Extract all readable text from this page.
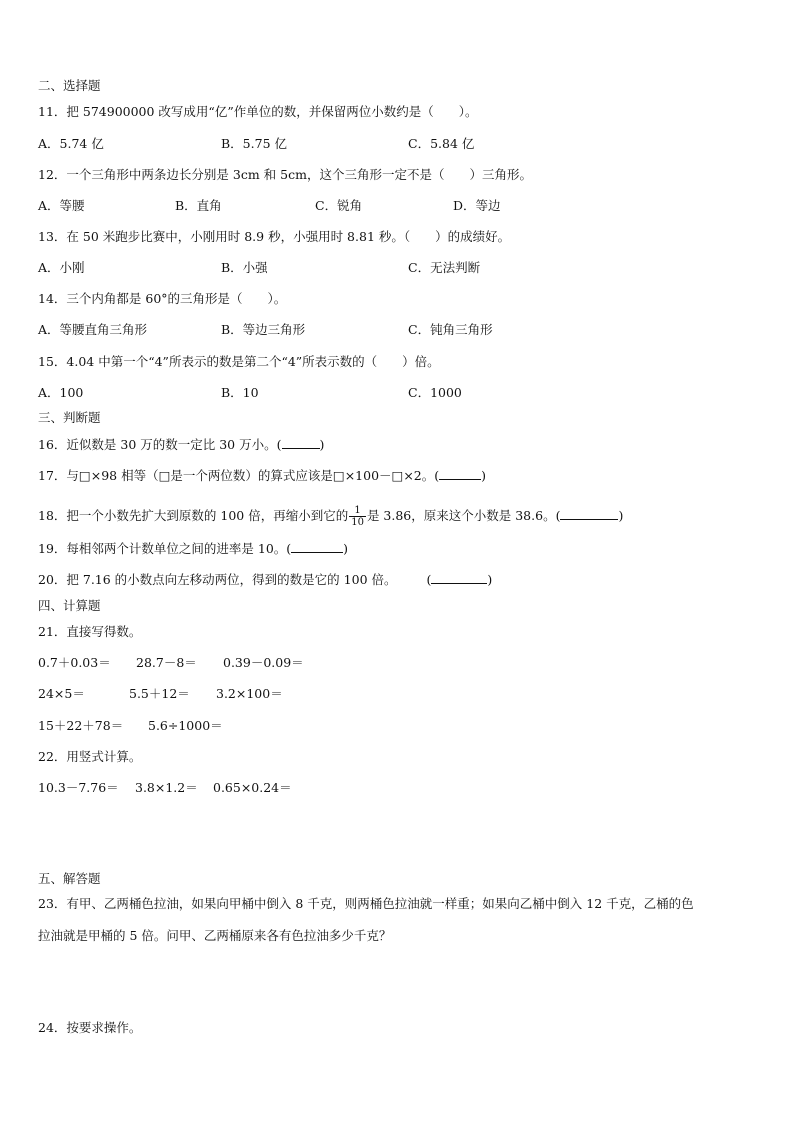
二、选择题
11．把 574900000 改写成用“亿”作单位的数，并保留两位小数约是（　　）。
A．5.74 亿	B．5.75 亿	C．5.84 亿
12．一个三角形中两条边长分别是 3cm 和 5cm，这个三角形一定不是（　　）三角形。
A．等腰	B．直角	C．锐角	D．等边
13．在 50 米跑步比赛中，小刚用时 8.9 秒，小强用时 8.81 秒。（　　）的成绩好。
A．小刚	B．小强	C．无法判断
14．三个内角都是 60°的三角形是（　　）。
A．等腰直角三角形	B．等边三角形	C．钝角三角形
15．4.04 中第一个“4”所表示的数是第二个“4”所表示数的（　　）倍。
A．100	B．10	C．1000
三、判断题
16．近似数是 30 万的数一定比 30 万小。(	)
17．与□×98 相等（□是一个两位数）的算式应该是□×100－□×2。(	)
18．把一个小数先扩大到原数的 100 倍，再缩小到它的 $\frac{1}{10}$ 是 3.86，原来这个小数是 38.6。(	)
19．每相邻两个计数单位之间的进率是 10。(	)
20．把 7.16 的小数点向左移动两位，得到的数是它的 100 倍。 (	)
四、计算题
21．直接写得数。
0.7＋0.03＝ 28.7－8＝ 0.39－0.09＝
24×5＝	5.5＋12＝ 3.2×100＝
15＋22＋78＝ 5.6÷1000＝
22．用竖式计算。
10.3－7.76＝ 3.8×1.2＝ 0.65×0.24＝
五、解答题
23．有甲、乙两桶色拉油，如果向甲桶中倒入 8 千克，则两桶色拉油就一样重；如果向乙桶中倒入 12 千克，乙桶的色
拉油就是甲桶的 5 倍。问甲、乙两桶原来各有色拉油多少千克？
24．按要求操作。
